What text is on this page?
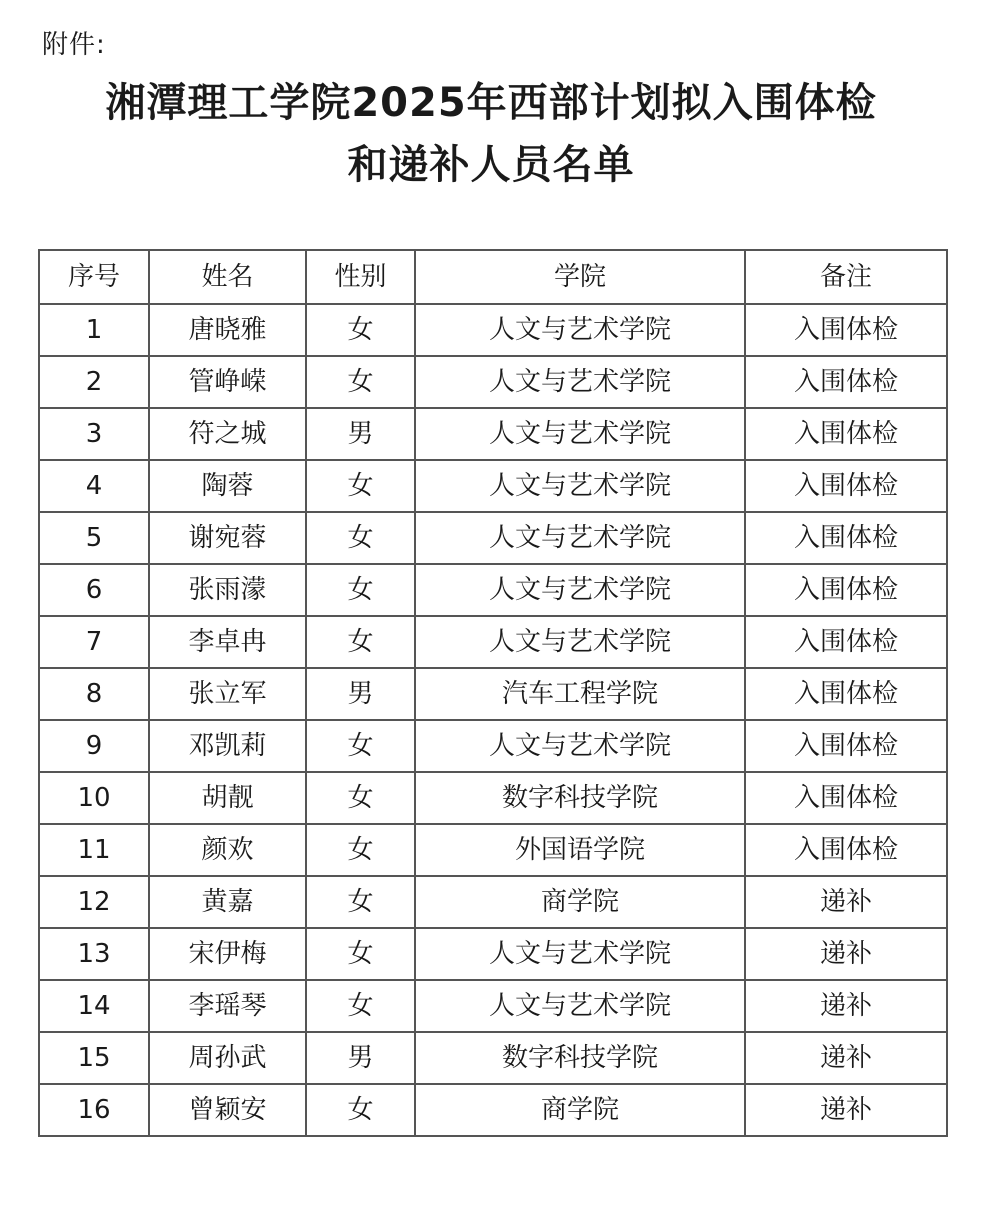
附件:
湘潭理工学院2025年西部计划拟入围体检
和递补人员名单
序号	姓名	性别	学院	备注
1	唐晓雅	女	人文与艺术学院	入围体检
2	管峥嵘	女	人文与艺术学院	入围体检
3	符之城	男	人文与艺术学院	入围体检
4	陶蓉	女	人文与艺术学院	入围体检
5	谢宛蓉	女	人文与艺术学院	入围体检
6	张雨濛	女	人文与艺术学院	入围体检
7	李卓冉	女	人文与艺术学院	入围体检
8	张立军	男	汽车工程学院	入围体检
9	邓凯莉	女	人文与艺术学院	入围体检
10	胡靓	女	数字科技学院	入围体检
11	颜欢	女	外国语学院	入围体检
12	黄嘉	女	商学院	递补
13	宋伊梅	女	人文与艺术学院	递补
14	李瑶琴	女	人文与艺术学院	递补
15	周孙武	男	数字科技学院	递补
16	曾颖安	女	商学院	递补
